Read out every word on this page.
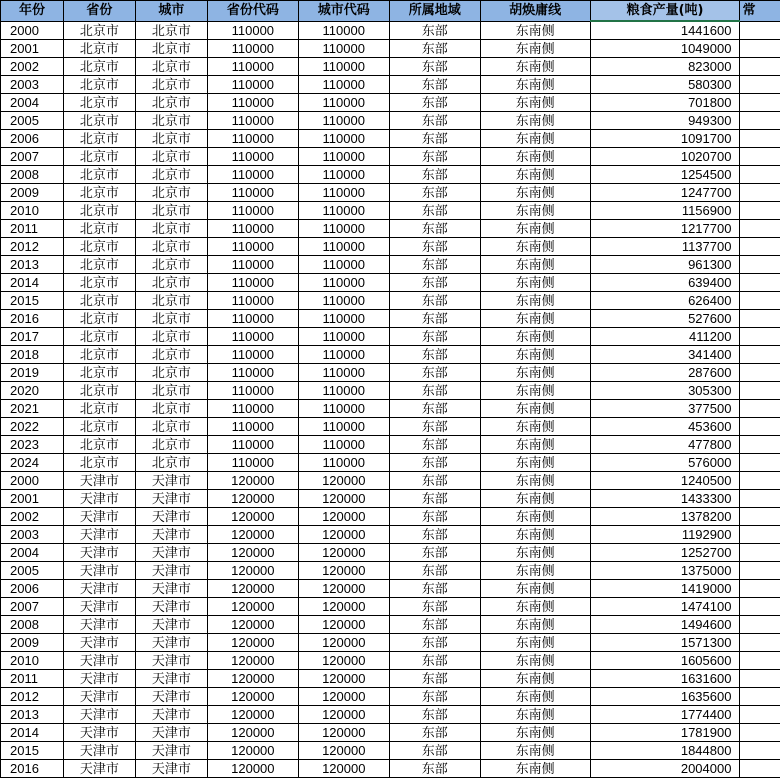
年份	省份	城市	省份代码	城市代码	所属地域	胡焕庸线	粮食产量(吨)	常
2000	北京市	北京市	110000	110000	东部	东南侧	1441600	
2001	北京市	北京市	110000	110000	东部	东南侧	1049000	
2002	北京市	北京市	110000	110000	东部	东南侧	823000	
2003	北京市	北京市	110000	110000	东部	东南侧	580300	
2004	北京市	北京市	110000	110000	东部	东南侧	701800	
2005	北京市	北京市	110000	110000	东部	东南侧	949300	
2006	北京市	北京市	110000	110000	东部	东南侧	1091700	
2007	北京市	北京市	110000	110000	东部	东南侧	1020700	
2008	北京市	北京市	110000	110000	东部	东南侧	1254500	
2009	北京市	北京市	110000	110000	东部	东南侧	1247700	
2010	北京市	北京市	110000	110000	东部	东南侧	1156900	
2011	北京市	北京市	110000	110000	东部	东南侧	1217700	
2012	北京市	北京市	110000	110000	东部	东南侧	1137700	
2013	北京市	北京市	110000	110000	东部	东南侧	961300	
2014	北京市	北京市	110000	110000	东部	东南侧	639400	
2015	北京市	北京市	110000	110000	东部	东南侧	626400	
2016	北京市	北京市	110000	110000	东部	东南侧	527600	
2017	北京市	北京市	110000	110000	东部	东南侧	411200	
2018	北京市	北京市	110000	110000	东部	东南侧	341400	
2019	北京市	北京市	110000	110000	东部	东南侧	287600	
2020	北京市	北京市	110000	110000	东部	东南侧	305300	
2021	北京市	北京市	110000	110000	东部	东南侧	377500	
2022	北京市	北京市	110000	110000	东部	东南侧	453600	
2023	北京市	北京市	110000	110000	东部	东南侧	477800	
2024	北京市	北京市	110000	110000	东部	东南侧	576000	
2000	天津市	天津市	120000	120000	东部	东南侧	1240500	
2001	天津市	天津市	120000	120000	东部	东南侧	1433300	
2002	天津市	天津市	120000	120000	东部	东南侧	1378200	
2003	天津市	天津市	120000	120000	东部	东南侧	1192900	
2004	天津市	天津市	120000	120000	东部	东南侧	1252700	
2005	天津市	天津市	120000	120000	东部	东南侧	1375000	
2006	天津市	天津市	120000	120000	东部	东南侧	1419000	
2007	天津市	天津市	120000	120000	东部	东南侧	1474100	
2008	天津市	天津市	120000	120000	东部	东南侧	1494600	
2009	天津市	天津市	120000	120000	东部	东南侧	1571300	
2010	天津市	天津市	120000	120000	东部	东南侧	1605600	
2011	天津市	天津市	120000	120000	东部	东南侧	1631600	
2012	天津市	天津市	120000	120000	东部	东南侧	1635600	
2013	天津市	天津市	120000	120000	东部	东南侧	1774400	
2014	天津市	天津市	120000	120000	东部	东南侧	1781900	
2015	天津市	天津市	120000	120000	东部	东南侧	1844800	
2016	天津市	天津市	120000	120000	东部	东南侧	2004000	
